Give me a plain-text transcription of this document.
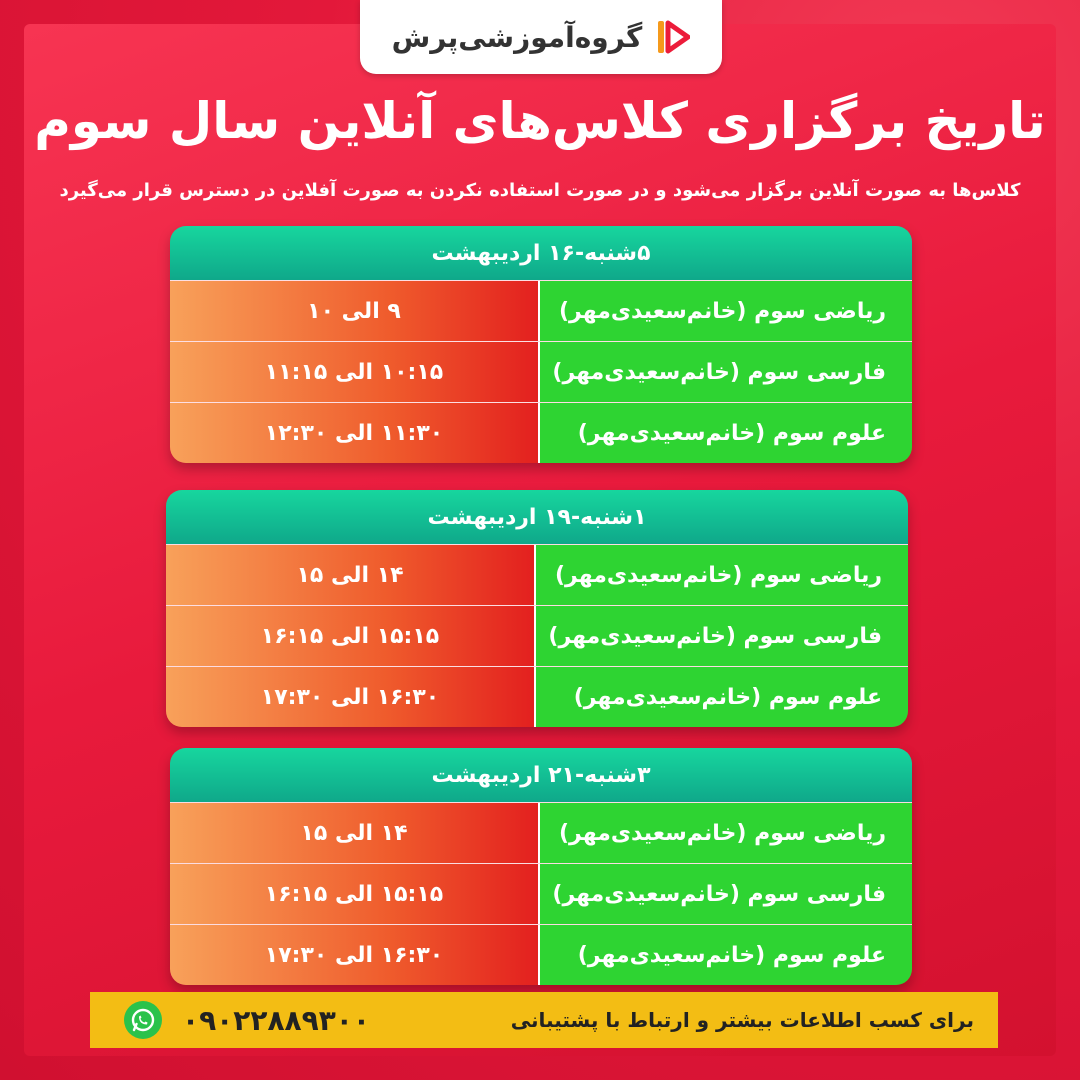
گروه‌آموزشی‌پرش
تاریخ برگزاری کلاس‌های آنلاین سال سوم
کلاس‌ها به صورت آنلاین برگزار می‌شود و در صورت استفاده نکردن به صورت آفلاین در دسترس قرار می‌گیرد
۵شنبه-۱۶ اردیبهشت
۹ الی ۱۰	ریاضی سوم (خانم‌سعیدی‌مهر)
۱۰:۱۵ الی ۱۱:۱۵	فارسی سوم (خانم‌سعیدی‌مهر)
۱۱:۳۰ الی ۱۲:۳۰	علوم سوم (خانم‌سعیدی‌مهر)
۱شنبه-۱۹ اردیبهشت
۱۴ الی ۱۵	ریاضی سوم (خانم‌سعیدی‌مهر)
۱۵:۱۵ الی ۱۶:۱۵	فارسی سوم (خانم‌سعیدی‌مهر)
۱۶:۳۰ الی ۱۷:۳۰	علوم سوم (خانم‌سعیدی‌مهر)
۳شنبه-۲۱ اردیبهشت
۱۴ الی ۱۵	ریاضی سوم (خانم‌سعیدی‌مهر)
۱۵:۱۵ الی ۱۶:۱۵	فارسی سوم (خانم‌سعیدی‌مهر)
۱۶:۳۰ الی ۱۷:۳۰	علوم سوم (خانم‌سعیدی‌مهر)
۰۹۰۲۲۸۸۹۳۰۰	برای کسب اطلاعات بیشتر و ارتباط با پشتیبانی
